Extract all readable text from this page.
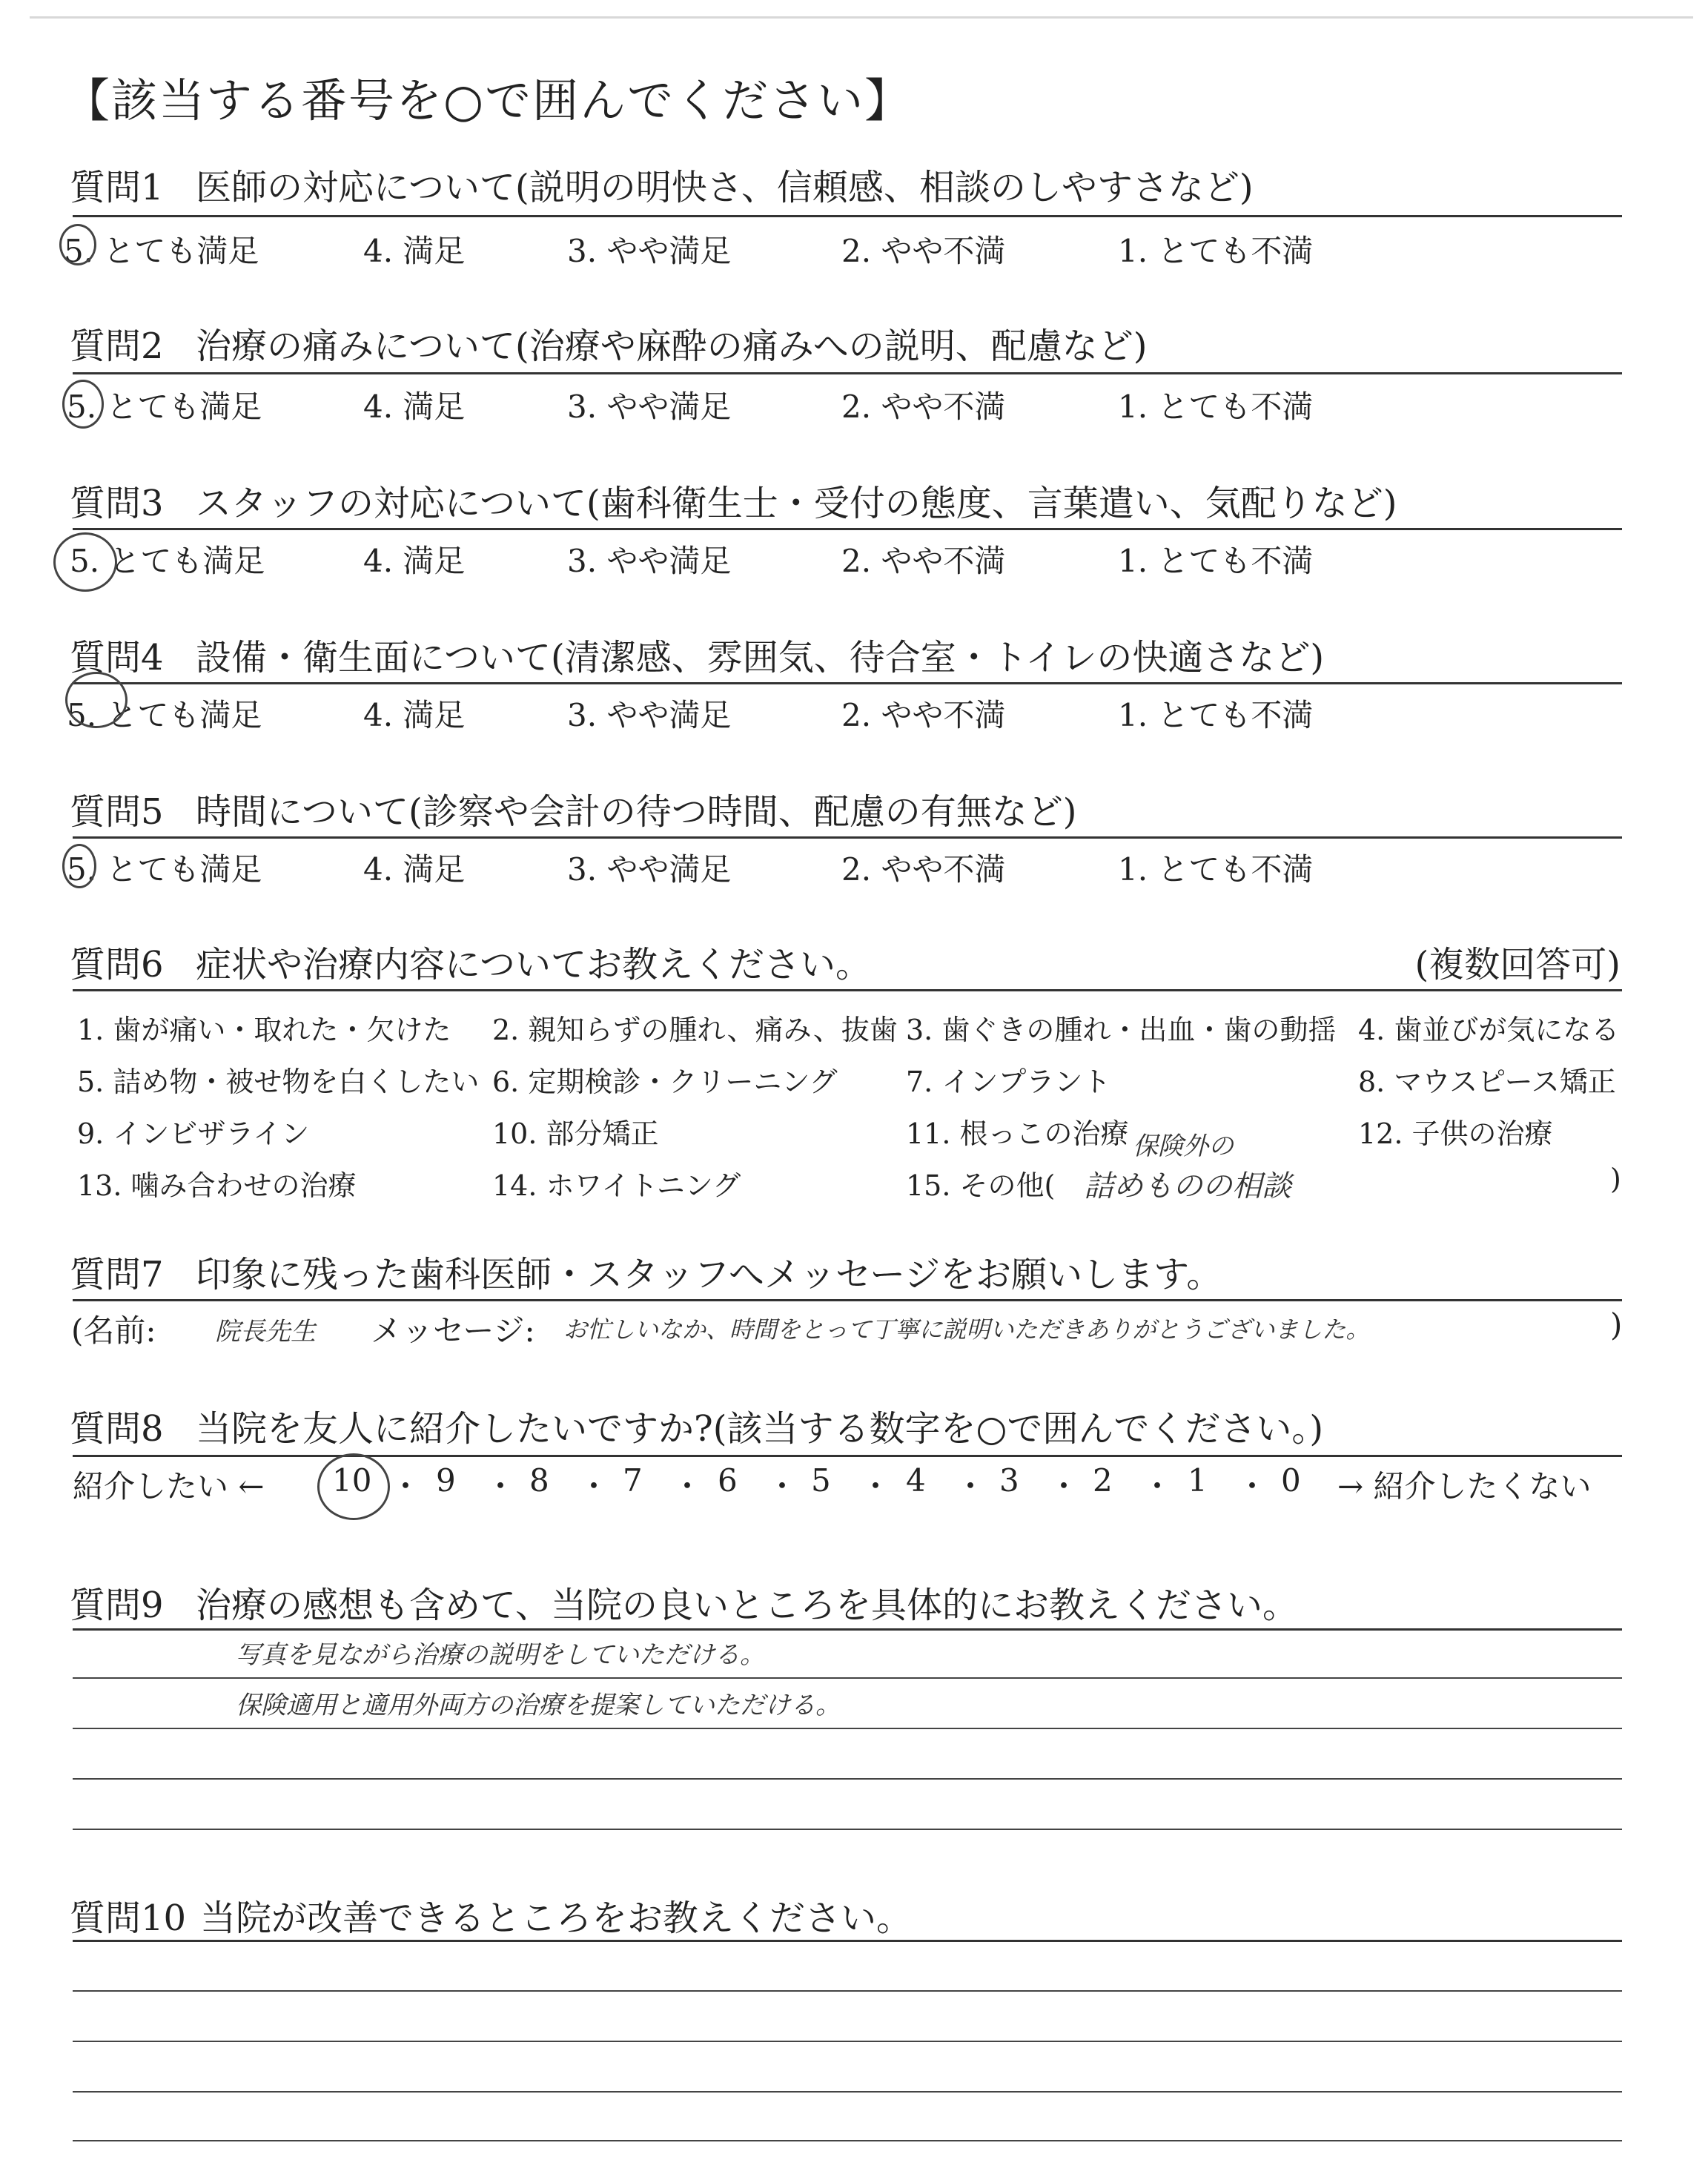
【該当する番号を○で囲んでください】
質問1 医師の対応について(説明の明快さ、信頼感、相談のしやすさなど)
5. とても満足	4. 満足	3. やや満足	2. やや不満	1. とても不満
質問2 治療の痛みについて(治療や麻酔の痛みへの説明、配慮など)
5. とても満足	4. 満足	3. やや満足	2. やや不満	1. とても不満
質問3 スタッフの対応について(歯科衛生士・受付の態度、言葉遣い、気配りなど)
5. とても満足	4. 満足	3. やや満足	2. やや不満	1. とても不満
質問4 設備・衛生面について(清潔感、雰囲気、待合室・トイレの快適さなど)
5. とても満足	4. 満足	3. やや満足	2. やや不満	1. とても不満
質問5 時間について(診察や会計の待つ時間、配慮の有無など)
5. とても満足	4. 満足	3. やや満足	2. やや不満	1. とても不満
質問6 症状や治療内容についてお教えください。	(複数回答可)
1. 歯が痛い・取れた・欠けた 2. 親知らずの腫れ、痛み、抜歯 3. 歯ぐきの腫れ・出血・歯の動揺 4. 歯並びが気になる
5. 詰め物・被せ物を白くしたい 6. 定期検診・クリーニング 7. インプラント	8. マウスピース矯正
9. インビザライン	10. 部分矯正	11. 根っこの治療	12. 子供の治療
13. 噛み合わせの治療	14. ホワイトニング	15. その他(
保険外の
詰めものの相談	)
質問7 印象に残った歯科医師・スタッフへメッセージをお願いします。
(名前: 院長先生 メッセージ: お忙しいなか、時間をとって丁寧に説明いただきありがとうございました。	)
質問8 当院を友人に紹介したいですか?(該当する数字を○で囲んでください。)
紹介したい ← 10 ・ 9 ・ 8 ・ 7 ・ 6 ・ 5 ・ 4 ・ 3 ・ 2 ・ 1 ・ 0 → 紹介したくない
質問9 治療の感想も含めて、当院の良いところを具体的にお教えください。
写真を見ながら治療の説明をしていただける。
保険適用と適用外両方の治療を提案していただける。
質問10 当院が改善できるところをお教えください。
